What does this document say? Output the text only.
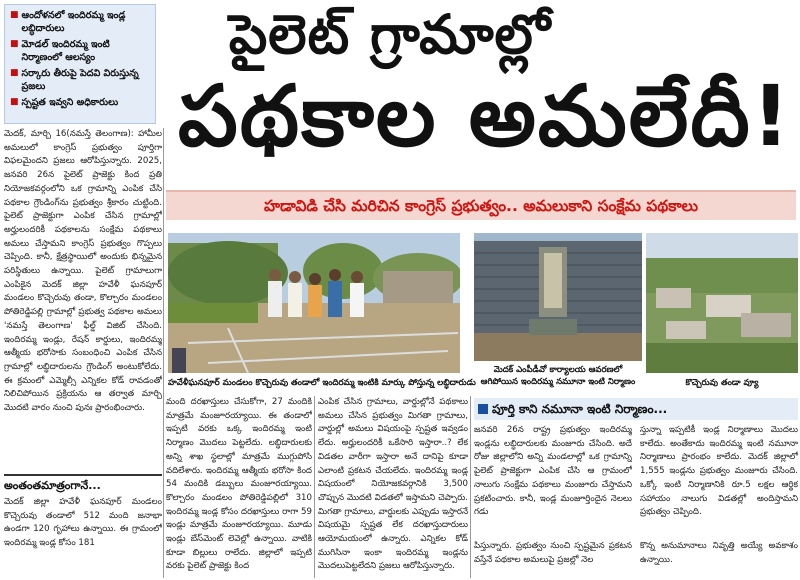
■ ఆందోళనలో ఇందిరమ్మ ఇండ్ల లబ్ధిదారులు
■ మోడల్ ఇందిరమ్మ ఇంటి నిర్మాణంలో ఆలస్యం
■ సర్కారు తీరుపై పెదవి విరుస్తున్న ప్రజలు
■ స్పష్టత ఇవ్వని అధికారులు
పైలెట్ గ్రామాల్లో
పథకాల అమలేదీ!
హడావిడి చేసి మరిచిన కాంగ్రెస్ ప్రభుత్వం.. అమలుకాని సంక్షేమ పథకాలు
మెదక్, మార్చి 16(నమస్తే తెలంగాణ): హామీల అమలులో కాంగ్రెస్ ప్రభుత్వం పూర్తిగా విఫలమైందని ప్రజలు ఆరోపిస్తున్నారు. 2025, జనవరి 26న పైలెట్ ప్రాజెక్టు కింద ప్రతి నియోజకవర్గంలోని ఒక గ్రామాన్ని ఎంపిక చేసి పథకాల గ్రౌండింగ్‌ను ప్రభుత్వం శ్రీకారం చుట్టింది. పైలెట్ ప్రాజెక్టుగా ఎంపిక చేసిన గ్రామాల్లో అర్హులందరికీ పథకాలను సంక్షేమ పథకాలు అమలు చేస్తామని కాంగ్రెస్ ప్రభుత్వం గొప్పలు చెప్పింది. కానీ, క్షేత్రస్థాయిలో అందుకు భిన్నమైన పరిస్థితులు ఉన్నాయి. పైలెట్ గ్రామాలుగా ఎంపికైన మెదక్ జిల్లా హవేళీ ఘనపూర్ మండలం కొచ్చెరువు తండా, కొల్చారం మండలం పోతిరెడ్డిపల్లి గ్రామాల్లో ప్రభుత్వ పథకాల అమలు 'నమస్తే తెలంగాణ' ఫీల్డ్ విజిట్ చేసింది. ఇందిరమ్మ ఇండ్లు, రేషన్ కార్డులు, ఇందిరమ్మ ఆత్మీయ భరోసాకు సంబంధించి ఎంపిక చేసిన గ్రామాల్లో లబ్ధిదారులను గ్రౌండింగ్ అంటుకోలేదు. ఈ క్రమంలో ఎమ్మెల్సీ ఎన్నికల కోడ్ రావడంతో నిలిచిపోయిన ప్రక్రియను ఆ తర్వాత మార్చి మొదటి వారం నుంచి పునః ప్రారంభించారు.
అంతంతమాత్రంగానే...
మెదక్ జిల్లా హవేళీ ఘనపూర్ మండలం కొచ్చెరువు తండాలో 512 మంది జనాభా ఉండగా 120 గృహాలు ఉన్నాయి. ఈ గ్రామంలో ఇందిరమ్మ ఇండ్ల కోసం 181
హవేళీఘనపూర్ మండలం కొచ్చెరువు తండాలో ఇందిరమ్మ ఇంటికి మార్కు పోస్తున్న లబ్ధిదారుడు
మెదక్ ఎంపీడీవో కార్యాలయ ఆవరణలో ఆగిపోయిన ఇందిరమ్మ నమూనా ఇంటి నిర్మాణం	కొచ్చెరువు తండా వ్యూ
మంది దరఖాస్తులు చేసుకోగా, 27 మందికి మాత్రమే మంజూరయ్యాయి. ఈ తండాలో ఇప్పటి వరకు ఒక్క ఇందిరమ్మ ఇంటి నిర్మాణం మొదలు పెట్టలేదు. లబ్ధిదారులకు అన్ని శాఖ స్థలాల్లో మాత్రమే ముగ్గుపోసి వదిలేశారు. ఇందిరమ్మ ఆత్మీయ భరోసా కింద 54 మందికి డబ్బులు మంజూరయ్యాయి. కొల్చారం మండలం పోతిరెడ్డిపల్లిలో 310 ఇందిరమ్మ ఇండ్ల కోసం దరఖాస్తులు రాగా 59 ఇండ్లు మాత్రమే మంజూరయ్యాయి. మూడు ఇండ్లు బేస్‌మెంట్ లెవెల్లో ఉన్నాయి. వాటికి కూడా బిల్లులు రాలేదు. జిల్లాలో ఇప్పటి వరకు పైలెట్ ప్రాజెక్టు కింద
ఎంపిక చేసిన గ్రామాలు, వార్డుల్లోనే పథకాలు అమలు చేసిన ప్రభుత్వం మిగతా గ్రామాలు, వార్డుల్లో అమలు విషయంపై స్పష్టత ఇవ్వడం లేదు. అర్హులందరికీ ఒకేసారి ఇస్తారా..? లేక విడతల వారీగా ఇస్తారా అనే దానిపై కూడా ఎలాంటి ప్రకటన చేయలేదు. ఇందిరమ్మ ఇండ్ల విషయంలో నియోజకవర్గానికి 3,500 చొప్పున మొదటి విడతలో ఇస్తామని చెప్పారు. మిగతా గ్రామాలు, వార్డులకు ఎప్పుడు ఇస్తారనే విషయమై స్పష్టత లేక దరఖాస్తుదారులు ఆయోమయంలో ఉన్నారు. ఎన్నికల కోడ్ ముగిసినా ఇంకా ఇందిరమ్మ ఇండ్లను మొదలుపెట్టలేదని ప్రజలు ఆరోపిస్తున్నారు.
పూర్తి కాని నమూనా ఇంటి నిర్మాణం...
జనవరి 26న రాష్ట్ర ప్రభుత్వం ఇందిరమ్మ ఇండ్లను లబ్ధిదారులకు మంజూరు చేసింది. అదే రోజు జిల్లాలోని అన్ని మండలాల్లో ఒక గ్రామాన్ని పైలెట్ ప్రాజెక్టుగా ఎంపిక చేసి ఆ గ్రామంలో నాలుగు సంక్షేమ పథకాలు మంజూరు చేస్తామని ప్రకటించారు. కానీ, ఇండ్ల మంజూర్తిందైన నెలలు గడు
స్తున్నా ఇప్పటికీ ఇండ్ల నిర్మాణాలు మొదలు కాలేదు. అంతేకాదు ఇందిరమ్మ ఇంటి నమూనా నిర్మాణాలు ప్రారంభం కాలేదు. మెదక్ జిల్లాలో 1,555 ఇండ్లను ప్రభుత్వం మంజూరు చేసింది. ఒక్కో ఇంటి నిర్మాణానికి రూ.5 లక్షల ఆర్థిక సహాయం నాలుగు విడతల్లో అందిస్తామని ప్రభుత్వం చెప్పింది.
పిస్తున్నారు. ప్రభుత్వం నుంచి స్పష్టమైన ప్రకటన వస్తేనే పథకాల అమలుపై ప్రజల్లో నెల
కొన్న అనుమానాలు నివృత్తి అయ్యే అవకాశం ఉన్నాయి.
